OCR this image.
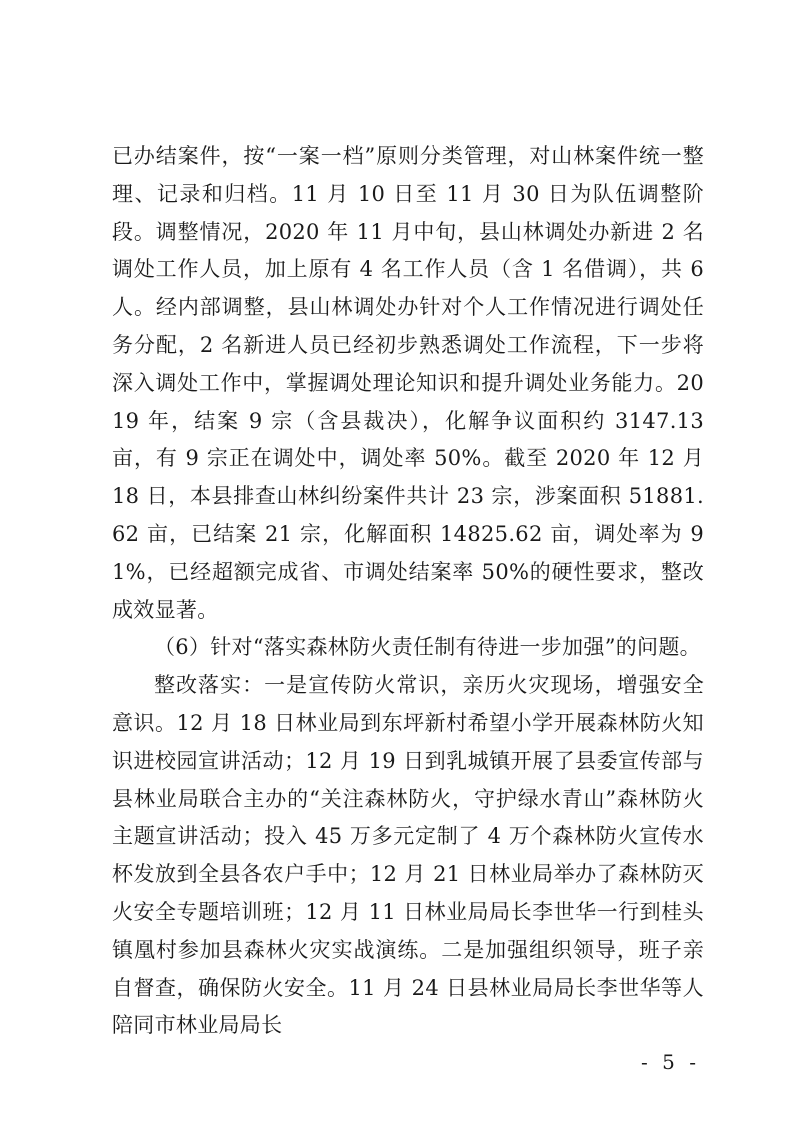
已办结案件，按“一案一档”原则分类管理，对山林案件统一整理、记录和归档。11 月 10 日至 11 月 30 日为队伍调整阶段。调整情况，2020 年 11 月中旬，县山林调处办新进 2 名调处工作人员，加上原有 4 名工作人员（含 1 名借调），共 6 人。经内部调整，县山林调处办针对个人工作情况进行调处任务分配，2 名新进人员已经初步熟悉调处工作流程，下一步将深入调处工作中，掌握调处理论知识和提升调处业务能力。2019 年，结案 9 宗（含县裁决），化解争议面积约 3147.13 亩，有 9 宗正在调处中，调处率 50%。截至 2020 年 12 月 18 日，本县排查山林纠纷案件共计 23 宗，涉案面积 51881.62 亩，已结案 21 宗，化解面积 14825.62 亩，调处率为 91%，已经超额完成省、市调处结案率 50%的硬性要求，整改成效显著。

（6）针对“落实森林防火责任制有待进一步加强”的问题。

整改落实：一是宣传防火常识，亲历火灾现场，增强安全意识。12 月 18 日林业局到东坪新村希望小学开展森林防火知识进校园宣讲活动；12 月 19 日到乳城镇开展了县委宣传部与县林业局联合主办的“关注森林防火，守护绿水青山”森林防火主题宣讲活动；投入 45 万多元定制了 4 万个森林防火宣传水杯发放到全县各农户手中；12 月 21 日林业局举办了森林防灭火安全专题培训班；12 月 11 日林业局局长李世华一行到桂头镇凰村参加县森林火灾实战演练。二是加强组织领导，班子亲自督查，确保防火安全。11 月 24 日县林业局局长李世华等人陪同市林业局局长

- 5 -
